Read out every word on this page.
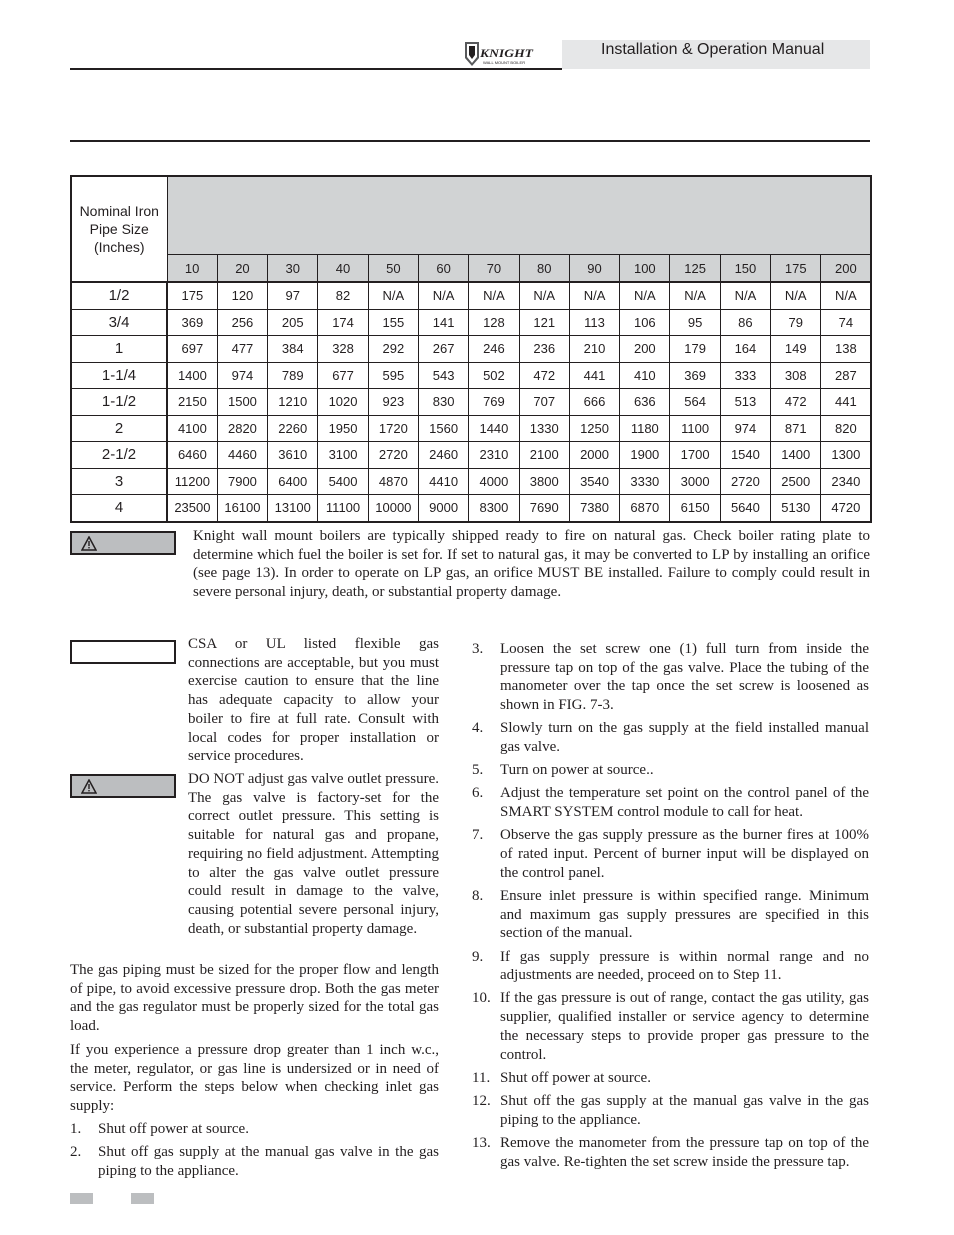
KNIGHT
WALL MOUNT BOILER
Installation & Operation Manual
Nominal Iron Pipe Size (Inches)														
	10	20	30	40	50	60	70	80	90	100	125	150	175	200
1/2	175	120	97	82	N/A	N/A	N/A	N/A	N/A	N/A	N/A	N/A	N/A	N/A
3/4	369	256	205	174	155	141	128	121	113	106	95	86	79	74
1	697	477	384	328	292	267	246	236	210	200	179	164	149	138
1-1/4	1400	974	789	677	595	543	502	472	441	410	369	333	308	287
1-1/2	2150	1500	1210	1020	923	830	769	707	666	636	564	513	472	441
2	4100	2820	2260	1950	1720	1560	1440	1330	1250	1180	1100	974	871	820
2-1/2	6460	4460	3610	3100	2720	2460	2310	2100	2000	1900	1700	1540	1400	1300
3	11200	7900	6400	5400	4870	4410	4000	3800	3540	3330	3000	2720	2500	2340
4	23500	16100	13100	11100	10000	9000	8300	7690	7380	6870	6150	5640	5130	4720
Knight wall mount boilers are typically shipped ready to fire on natural gas. Check boiler rating plate to determine which fuel the boiler is set for. If set to natural gas, it may be converted to LP by installing an orifice (see page 13). In order to operate on LP gas, an orifice MUST BE installed. Failure to comply could result in severe personal injury, death, or substantial property damage.
CSA or UL listed flexible gas connections are acceptable, but you must exercise caution to ensure that the line has adequate capacity to allow your boiler to fire at full rate. Consult with local codes for proper installation or service procedures.
DO NOT adjust gas valve outlet pressure. The gas valve is factory-set for the correct outlet pressure. This setting is suitable for natural gas and propane, requiring no field adjustment. Attempting to alter the gas valve outlet pressure could result in damage to the valve, causing potential severe personal injury, death, or substantial property damage.
The gas piping must be sized for the proper flow and length of pipe, to avoid excessive pressure drop. Both the gas meter and the gas regulator must be properly sized for the total gas load.
If you experience a pressure drop greater than 1 inch w.c., the meter, regulator, or gas line is undersized or in need of service. Perform the steps below when checking inlet gas supply:
1. Shut off power at source.
2. Shut off gas supply at the manual gas valve in the gas piping to the appliance.
3. Loosen the set screw one (1) full turn from inside the pressure tap on top of the gas valve. Place the tubing of the manometer over the tap once the set screw is loosened as shown in FIG. 7-3.
4. Slowly turn on the gas supply at the field installed manual gas valve.
5. Turn on power at source..
6. Adjust the temperature set point on the control panel of the SMART SYSTEM control module to call for heat.
7. Observe the gas supply pressure as the burner fires at 100% of rated input. Percent of burner input will be displayed on the control panel.
8. Ensure inlet pressure is within specified range. Minimum and maximum gas supply pressures are specified in this section of the manual.
9. If gas supply pressure is within normal range and no adjustments are needed, proceed on to Step 11.
10. If the gas pressure is out of range, contact the gas utility, gas supplier, qualified installer or service agency to determine the necessary steps to provide proper gas pressure to the control.
11. Shut off power at source.
12. Shut off the gas supply at the manual gas valve in the gas piping to the appliance.
13. Remove the manometer from the pressure tap on top of the gas valve. Re-tighten the set screw inside the pressure tap.
